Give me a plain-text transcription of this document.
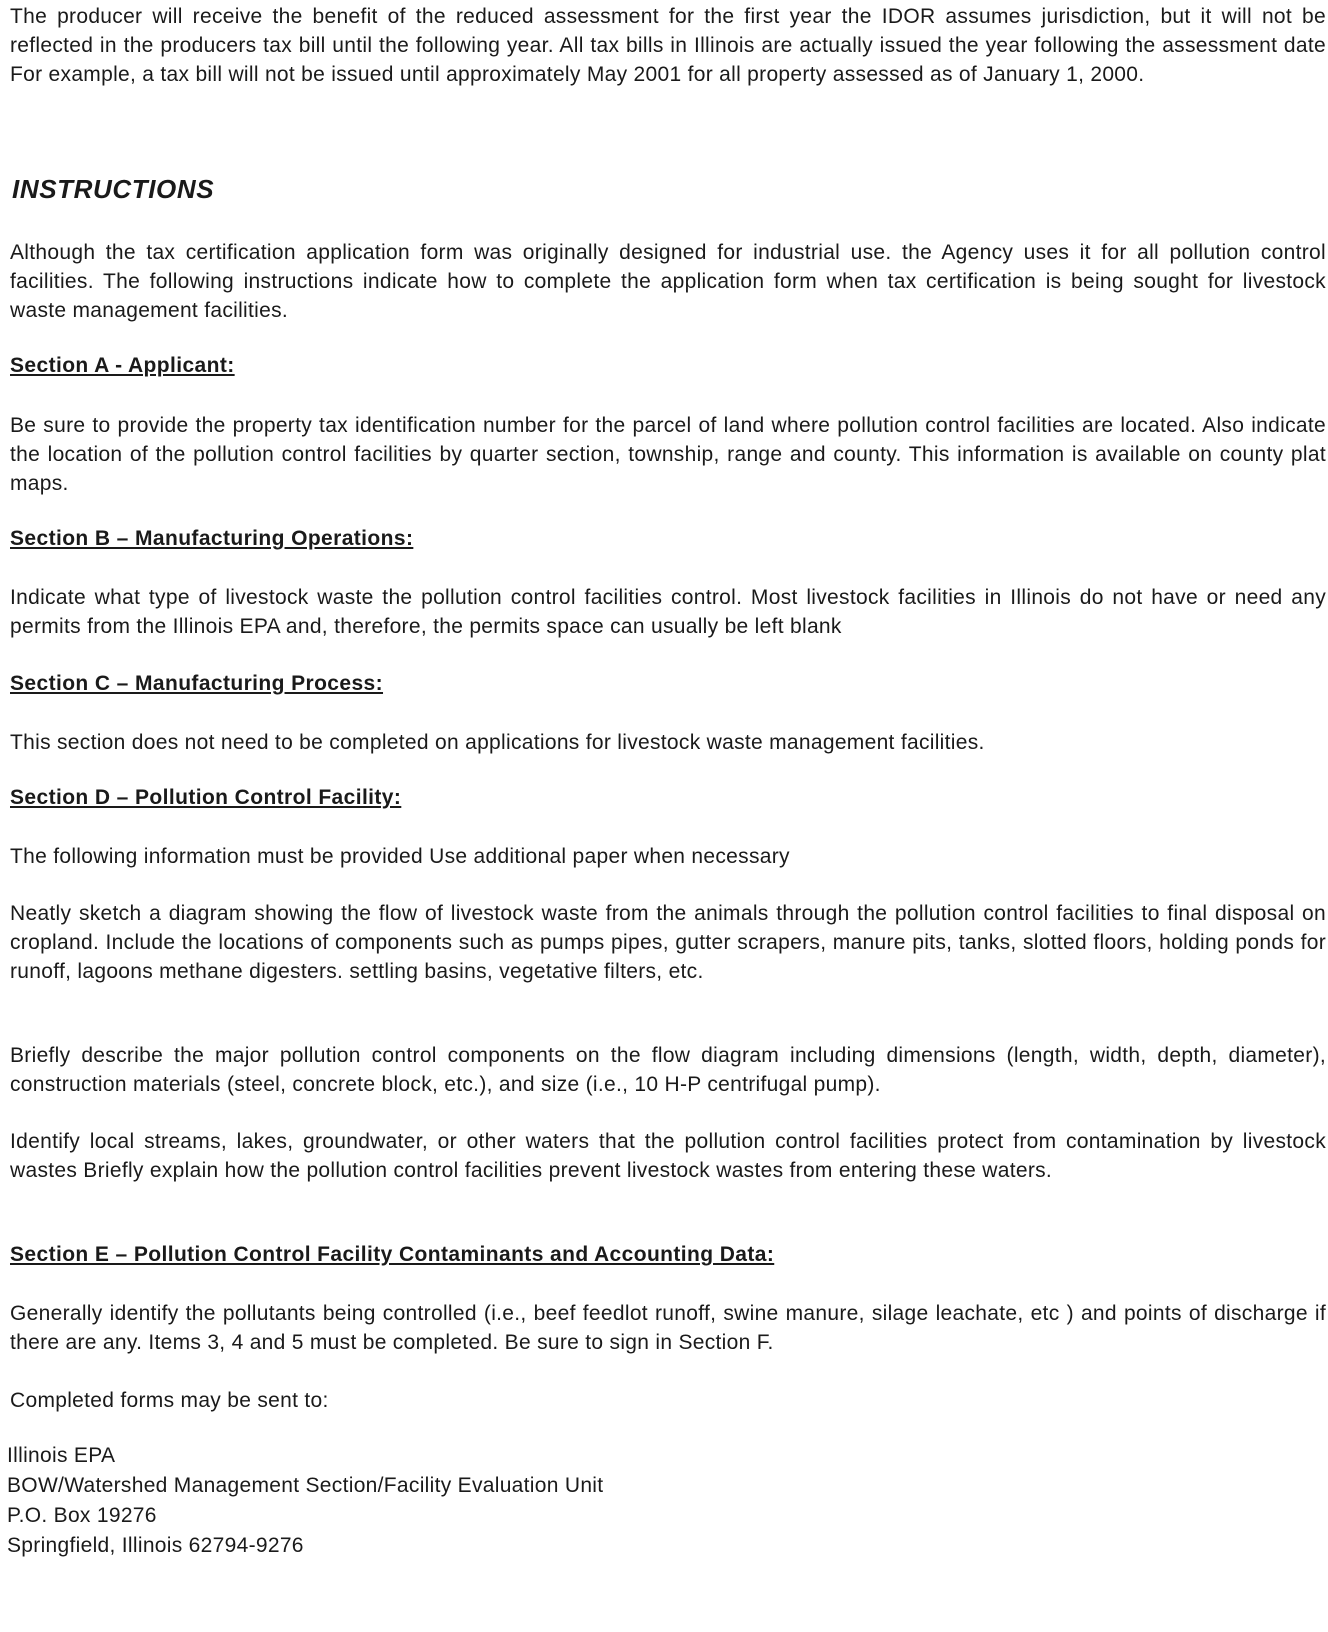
The producer will receive the benefit of the reduced assessment for the first year the IDOR assumes jurisdiction, but it will not be reflected in the producers tax bill until the following year. All tax bills in Illinois are actually issued the year following the assessment date For example, a tax bill will not be issued until approximately May 2001 for all property assessed as of January 1, 2000.

INSTRUCTIONS

Although the tax certification application form was originally designed for industrial use. the Agency uses it for all pollution control facilities. The following instructions indicate how to complete the application form when tax certification is being sought for livestock waste management facilities.

Section A - Applicant:

Be sure to provide the property tax identification number for the parcel of land where pollution control facilities are located. Also indicate the location of the pollution control facilities by quarter section, township, range and county. This information is available on county plat maps.

Section B – Manufacturing Operations:

Indicate what type of livestock waste the pollution control facilities control. Most livestock facilities in Illinois do not have or need any permits from the Illinois EPA and, therefore, the permits space can usually be left blank

Section C – Manufacturing Process:

This section does not need to be completed on applications for livestock waste management facilities.

Section D – Pollution Control Facility:

The following information must be provided Use additional paper when necessary

Neatly sketch a diagram showing the flow of livestock waste from the animals through the pollution control facilities to final disposal on cropland. Include the locations of components such as pumps pipes, gutter scrapers, manure pits, tanks, slotted floors, holding ponds for runoff, lagoons methane digesters. settling basins, vegetative filters, etc.

Briefly describe the major pollution control components on the flow diagram including dimensions (length, width, depth, diameter), construction materials (steel, concrete block, etc.), and size (i.e., 10 H-P centrifugal pump).

Identify local streams, lakes, groundwater, or other waters that the pollution control facilities protect from contamination by livestock wastes Briefly explain how the pollution control facilities prevent livestock wastes from entering these waters.

Section E – Pollution Control Facility Contaminants and Accounting Data:

Generally identify the pollutants being controlled (i.e., beef feedlot runoff, swine manure, silage leachate, etc ) and points of discharge if there are any. Items 3, 4 and 5 must be completed. Be sure to sign in Section F.

Completed forms may be sent to:

Illinois EPA
BOW/Watershed Management Section/Facility Evaluation Unit
P.O. Box 19276
Springfield, Illinois 62794-9276
